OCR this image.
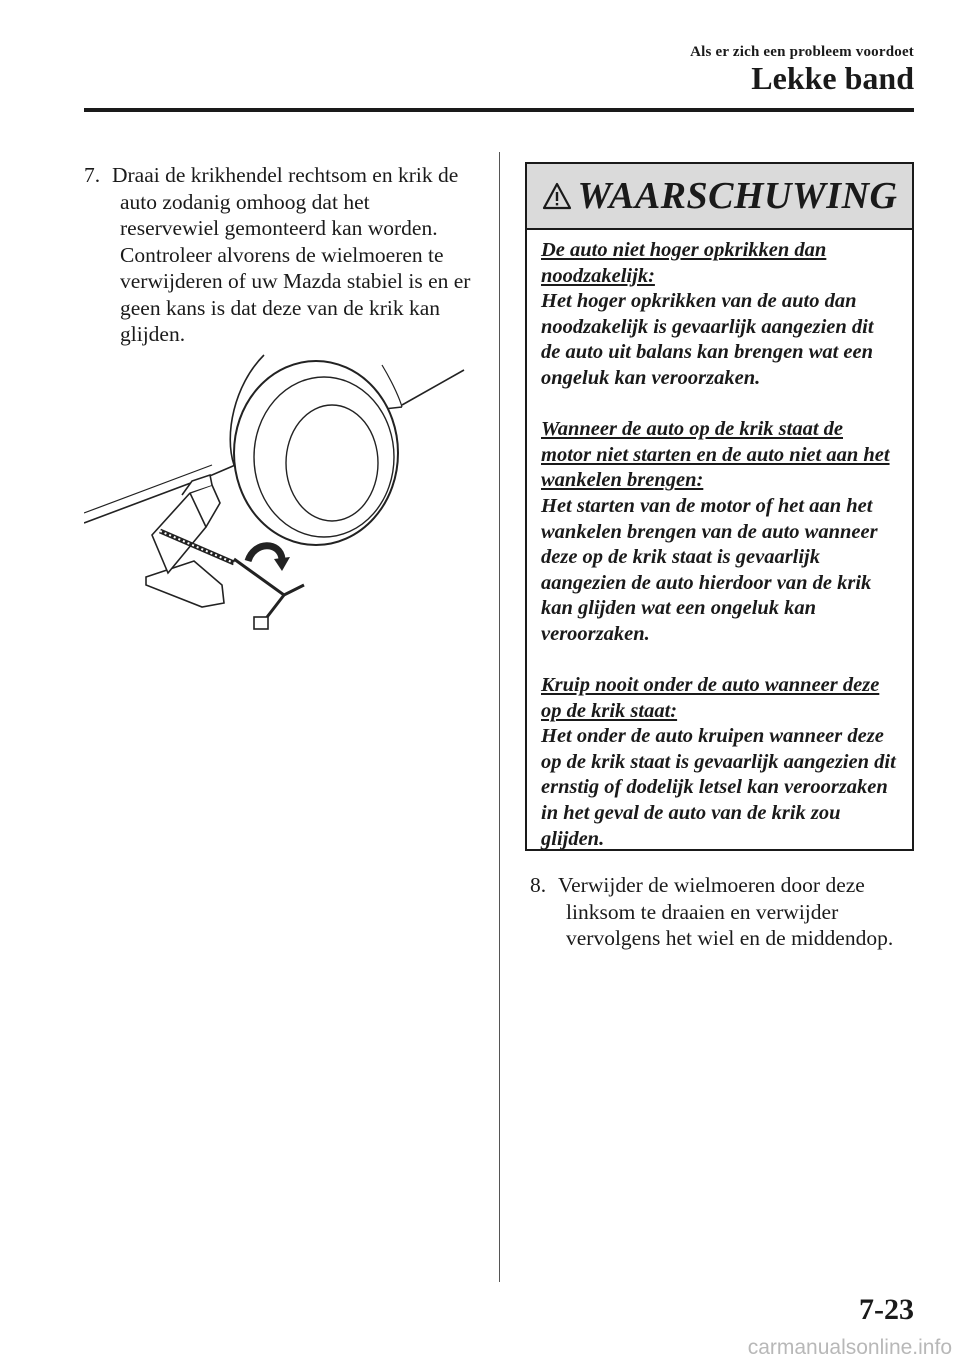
Als er zich een probleem voordoet
Lekke band
7. Draai de krikhendel rechtsom en krik de auto zodanig omhoog dat het reservewiel gemonteerd kan worden. Controleer alvorens de wielmoeren te verwijderen of uw Mazda stabiel is en er geen kans is dat deze van de krik kan glijden.
WAARSCHUWING
De auto niet hoger opkrikken dan noodzakelijk:
Het hoger opkrikken van de auto dan noodzakelijk is gevaarlijk aangezien dit de auto uit balans kan brengen wat een ongeluk kan veroorzaken.
Wanneer de auto op de krik staat de motor niet starten en de auto niet aan het wankelen brengen:
Het starten van de motor of het aan het wankelen brengen van de auto wanneer deze op de krik staat is gevaarlijk aangezien de auto hierdoor van de krik kan glijden wat een ongeluk kan veroorzaken.
Kruip nooit onder de auto wanneer deze op de krik staat:
Het onder de auto kruipen wanneer deze op de krik staat is gevaarlijk aangezien dit ernstig of dodelijk letsel kan veroorzaken in het geval de auto van de krik zou glijden.
8. Verwijder de wielmoeren door deze linksom te draaien en verwijder vervolgens het wiel en de middendop.
7-23
carmanualsonline.info
